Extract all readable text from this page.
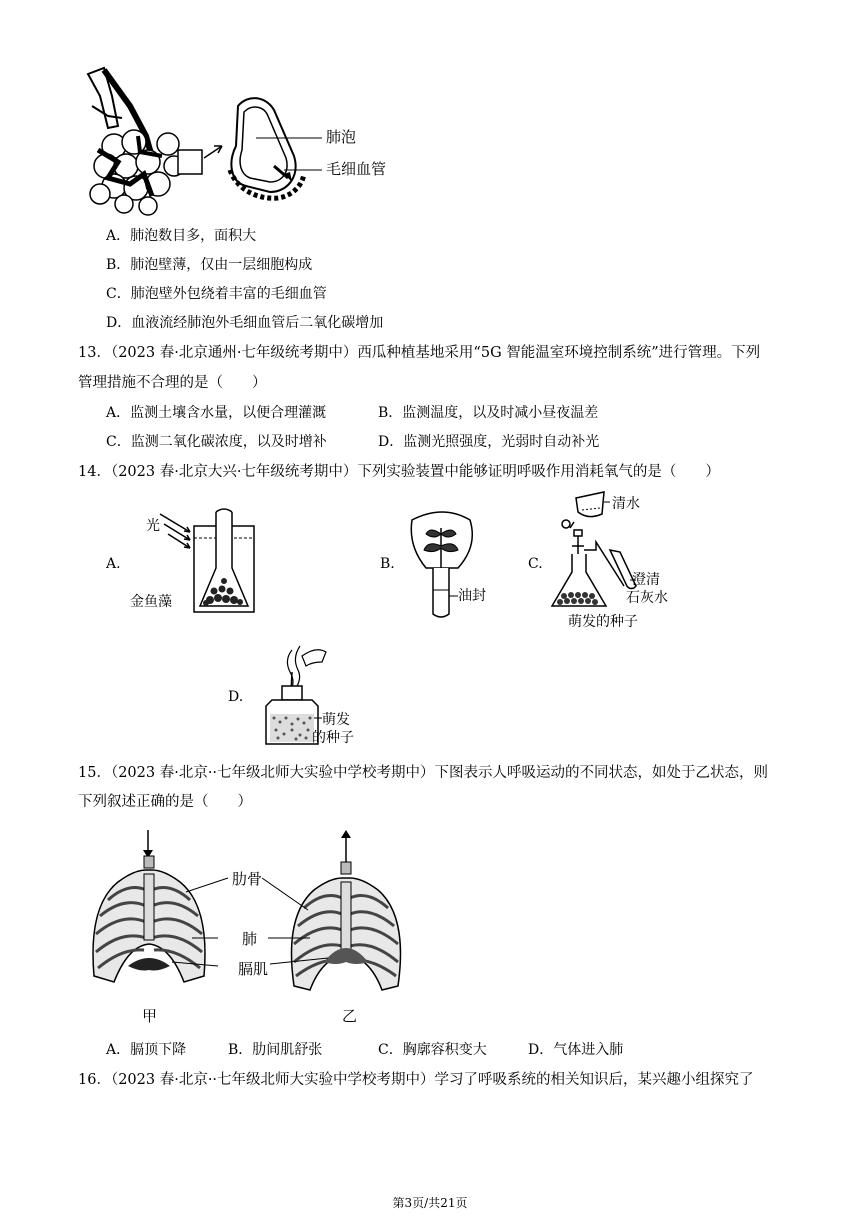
肺泡
毛细血管
A．肺泡数目多，面积大
B．肺泡壁薄，仅由一层细胞构成
C．肺泡壁外包绕着丰富的毛细血管
D．血液流经肺泡外毛细血管后二氧化碳增加
13．（2023 春·北京通州·七年级统考期中）西瓜种植基地采用“5G 智能温室环境控制系统”进行管理。下列
管理措施不合理的是（　　）
A．监测土壤含水量，以便合理灌溉	B．监测温度，以及时减小昼夜温差
C．监测二氧化碳浓度，以及时增补	D．监测光照强度，光弱时自动补光
14．（2023 春·北京大兴·七年级统考期中）下列实验装置中能够证明呼吸作用消耗氧气的是（　　）
A.
光
金鱼藻
B.
油封
C.
清水
澄清
石灰水
萌发的种子
D.
萌发
的种子
15．（2023 春·北京··七年级北师大实验中学校考期中）下图表示人呼吸运动的不同状态，如处于乙状态，则
下列叙述正确的是（　　）
肋骨
肺
膈肌
甲	乙
A．膈顶下降	B．肋间肌舒张	C．胸廓容积变大	D．气体进入肺
16．（2023 春·北京··七年级北师大实验中学校考期中）学习了呼吸系统的相关知识后，某兴趣小组探究了
第3页/共21页
